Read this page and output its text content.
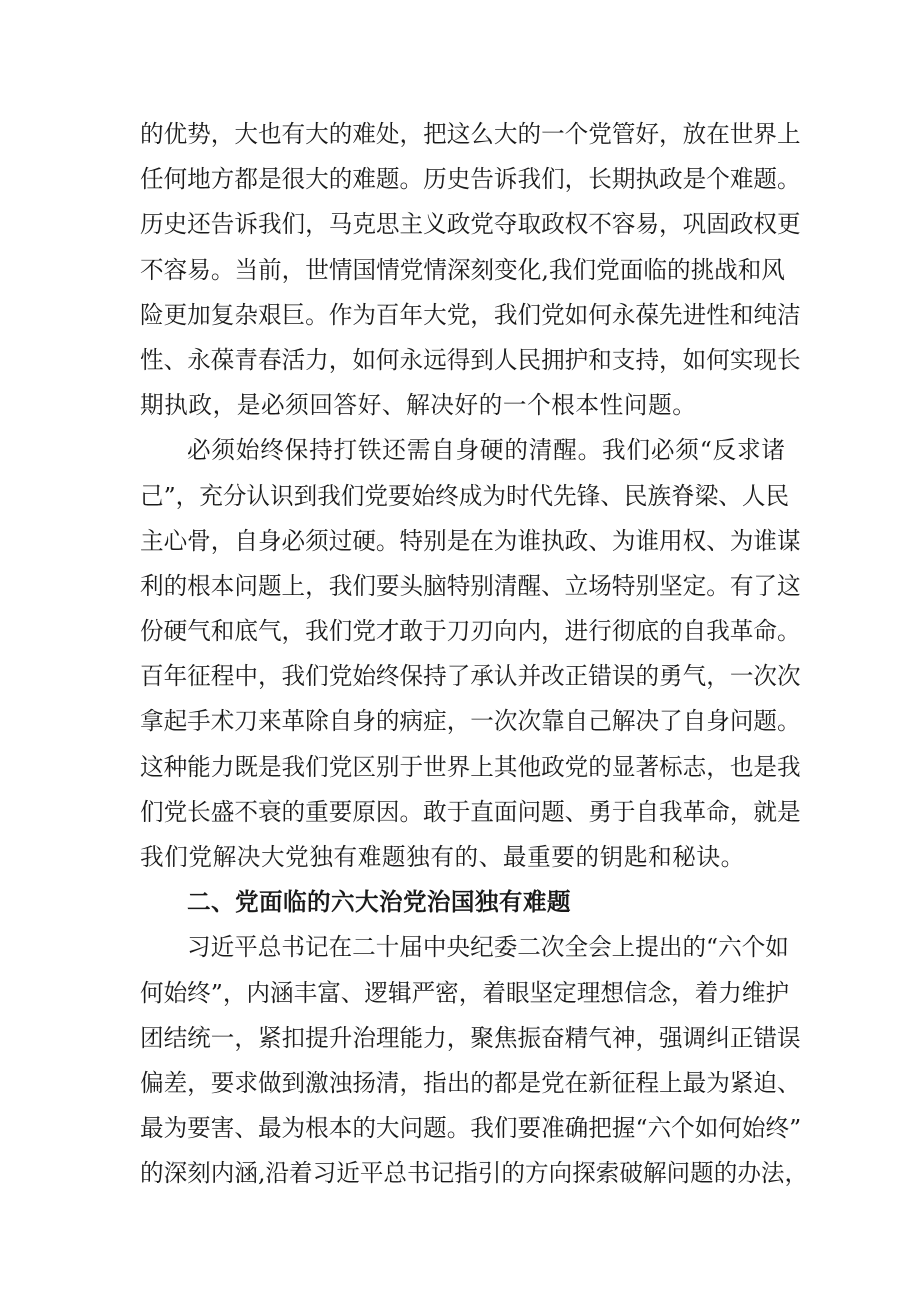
的优势，大也有大的难处，把这么大的一个党管好，放在世界上
任何地方都是很大的难题。历史告诉我们，长期执政是个难题。
历史还告诉我们，马克思主义政党夺取政权不容易，巩固政权更
不容易。当前，世情国情党情深刻变化,我们党面临的挑战和风
险更加复杂艰巨。作为百年大党，我们党如何永葆先进性和纯洁
性、永葆青春活力，如何永远得到人民拥护和支持，如何实现长
期执政，是必须回答好、解决好的一个根本性问题。
必须始终保持打铁还需自身硬的清醒。我们必须“反求诸
己”，充分认识到我们党要始终成为时代先锋、民族脊梁、人民
主心骨，自身必须过硬。特别是在为谁执政、为谁用权、为谁谋
利的根本问题上，我们要头脑特别清醒、立场特别坚定。有了这
份硬气和底气，我们党才敢于刀刃向内，进行彻底的自我革命。
百年征程中，我们党始终保持了承认并改正错误的勇气，一次次
拿起手术刀来革除自身的病症，一次次靠自己解决了自身问题。
这种能力既是我们党区别于世界上其他政党的显著标志，也是我
们党长盛不衰的重要原因。敢于直面问题、勇于自我革命，就是
我们党解决大党独有难题独有的、最重要的钥匙和秘诀。
二、党面临的六大治党治国独有难题
习近平总书记在二十届中央纪委二次全会上提出的“六个如
何始终”，内涵丰富、逻辑严密，着眼坚定理想信念，着力维护
团结统一，紧扣提升治理能力，聚焦振奋精气神，强调纠正错误
偏差，要求做到激浊扬清，指出的都是党在新征程上最为紧迫、
最为要害、最为根本的大问题。我们要准确把握“六个如何始终”
的深刻内涵,沿着习近平总书记指引的方向探索破解问题的办法，
